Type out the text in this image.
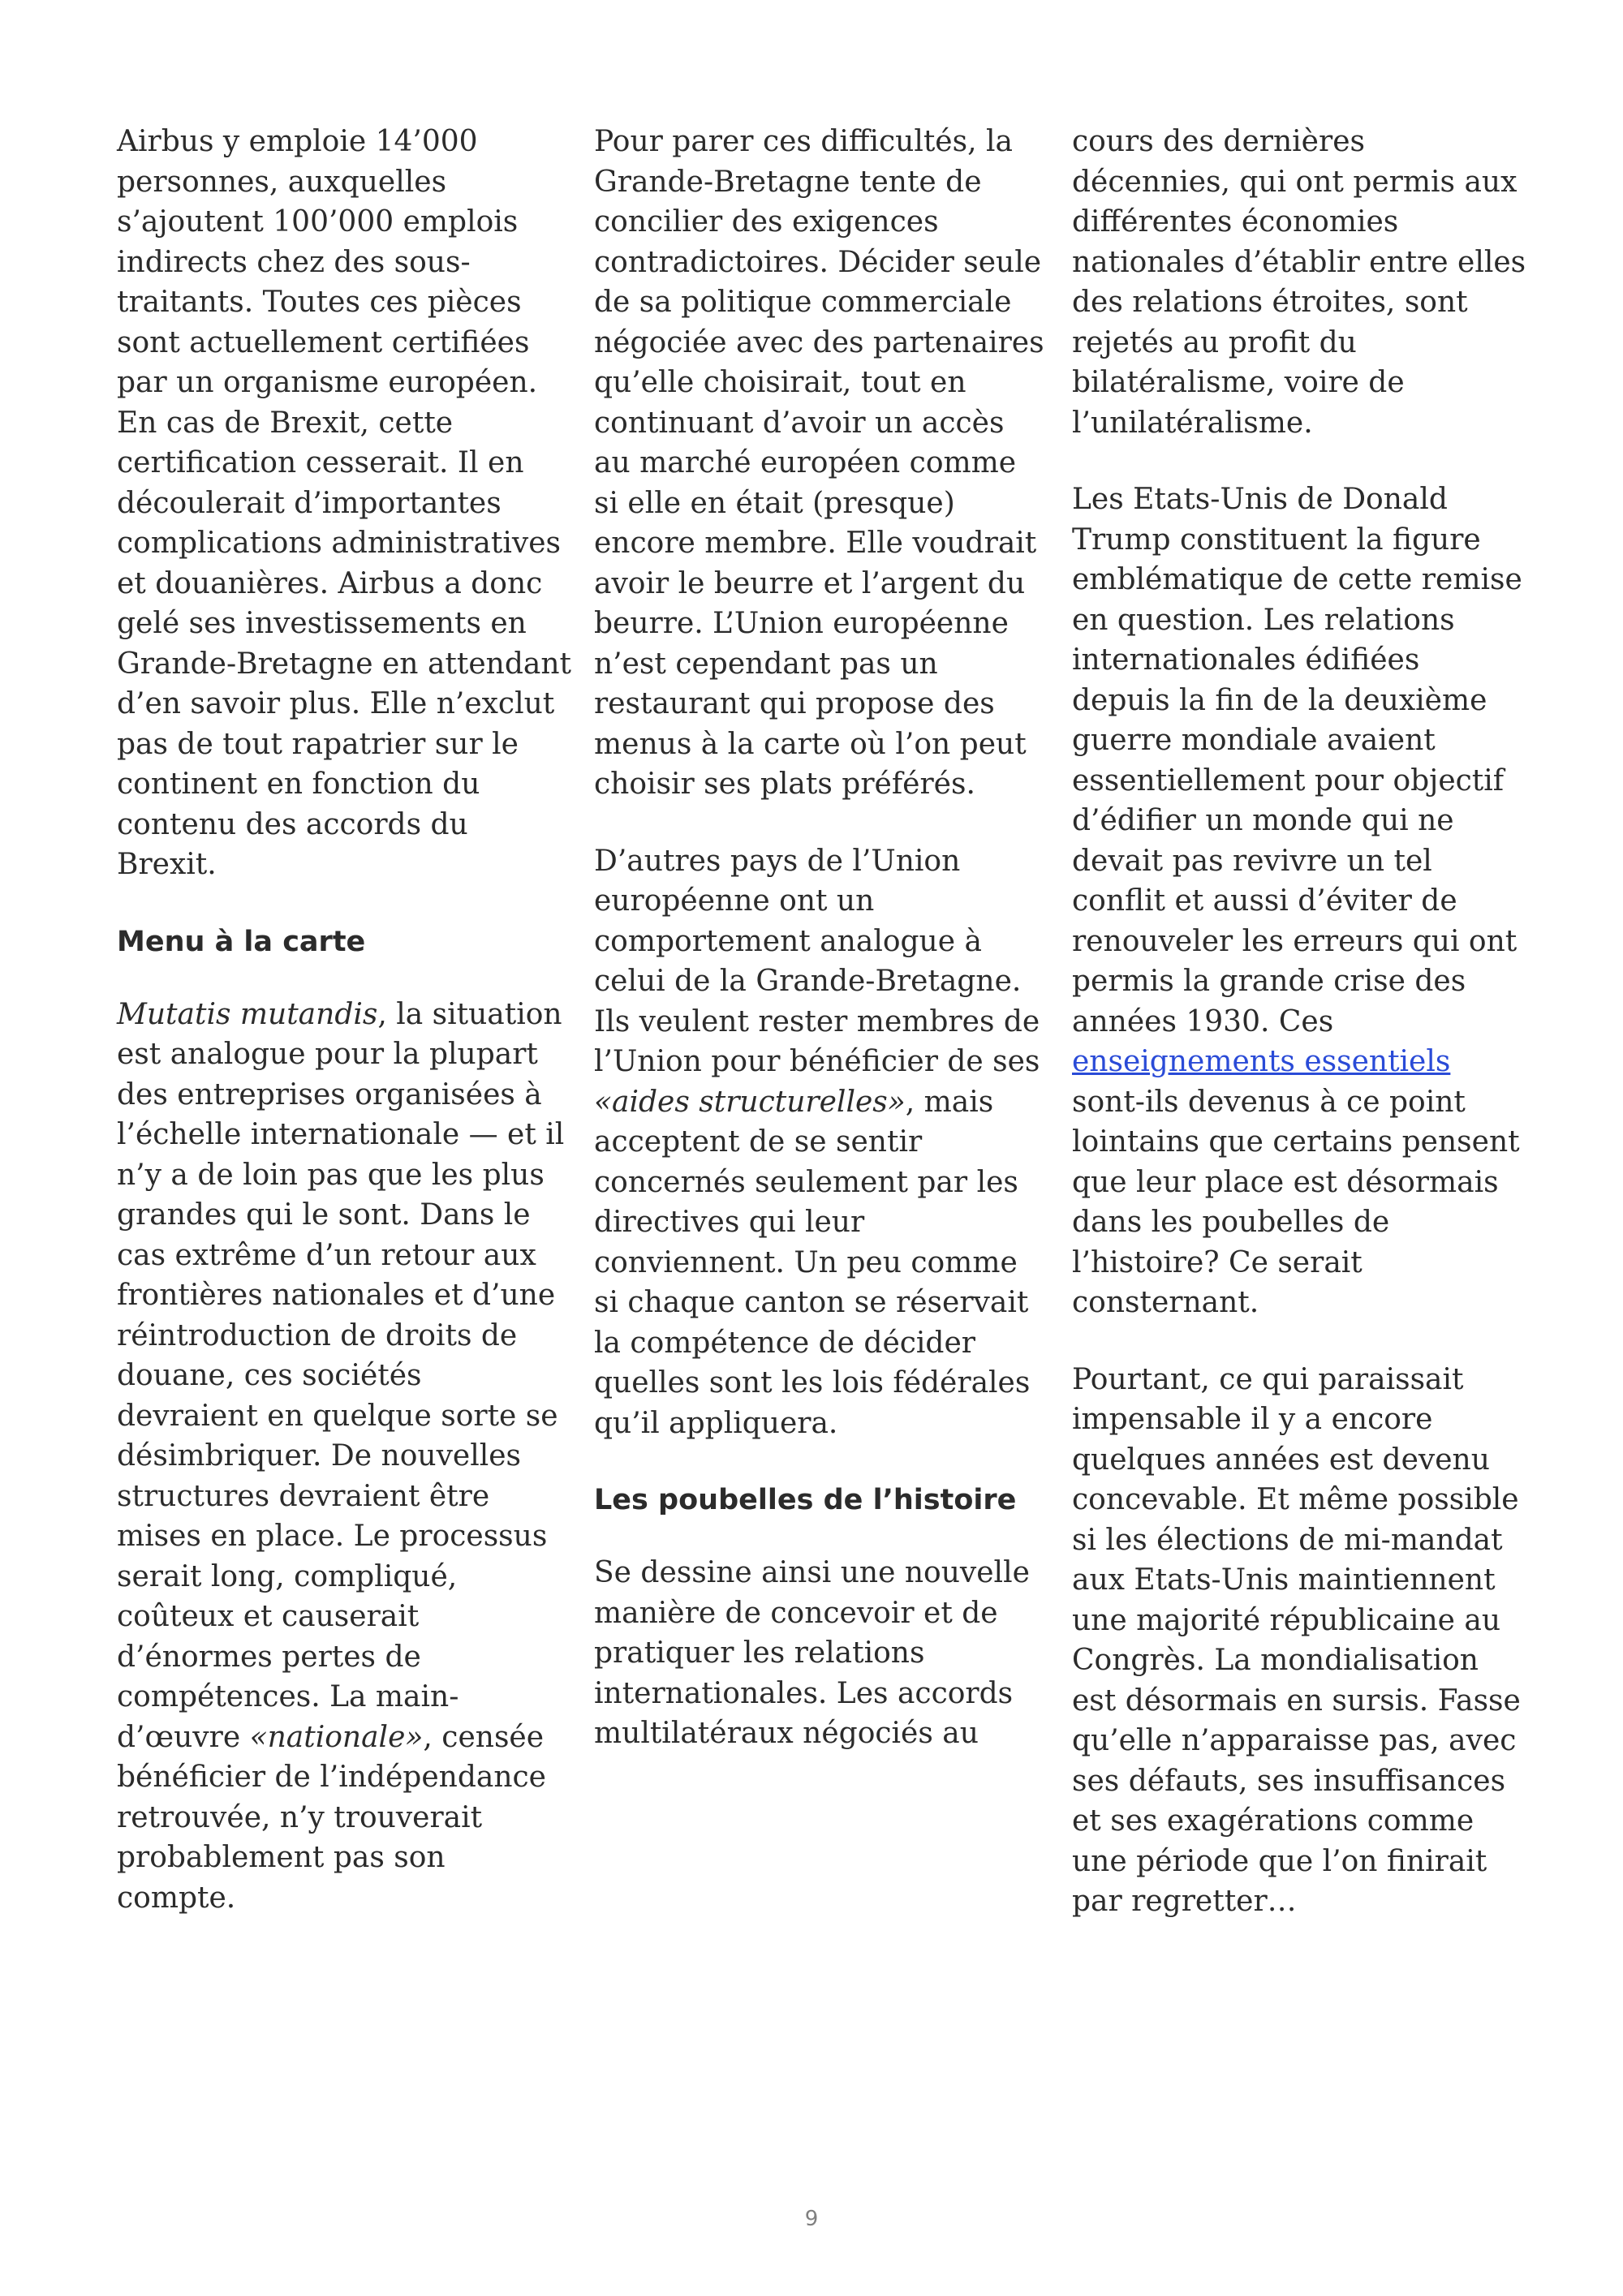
Airbus y emploie 14’000 personnes, auxquelles s’ajoutent 100’000 emplois indirects chez des sous-traitants. Toutes ces pièces sont actuellement certifiées par un organisme européen. En cas de Brexit, cette certification cesserait. Il en découlerait d’importantes complications administratives et douanières. Airbus a donc gelé ses investissements en Grande-Bretagne en attendant d’en savoir plus. Elle n’exclut pas de tout rapatrier sur le continent en fonction du contenu des accords du Brexit.

Menu à la carte

Mutatis mutandis, la situation est analogue pour la plupart des entreprises organisées à l’échelle internationale — et il n’y a de loin pas que les plus grandes qui le sont. Dans le cas extrême d’un retour aux frontières nationales et d’une réintroduction de droits de douane, ces sociétés devraient en quelque sorte se désimbriquer. De nouvelles structures devraient être mises en place. Le processus serait long, compliqué, coûteux et causerait d’énormes pertes de compétences. La main-d’œuvre «nationale», censée bénéficier de l’indépendance retrouvée, n’y trouverait probablement pas son compte.

Pour parer ces difficultés, la Grande-Bretagne tente de concilier des exigences contradictoires. Décider seule de sa politique commerciale négociée avec des partenaires qu’elle choisirait, tout en continuant d’avoir un accès au marché européen comme si elle en était (presque) encore membre. Elle voudrait avoir le beurre et l’argent du beurre. L’Union européenne n’est cependant pas un restaurant qui propose des menus à la carte où l’on peut choisir ses plats préférés.

D’autres pays de l’Union européenne ont un comportement analogue à celui de la Grande-Bretagne. Ils veulent rester membres de l’Union pour bénéficier de ses «aides structurelles», mais acceptent de se sentir concernés seulement par les directives qui leur conviennent. Un peu comme si chaque canton se réservait la compétence de décider quelles sont les lois fédérales qu’il appliquera.

Les poubelles de l’histoire

Se dessine ainsi une nouvelle manière de concevoir et de pratiquer les relations internationales. Les accords multilatéraux négociés au

cours des dernières décennies, qui ont permis aux différentes économies nationales d’établir entre elles des relations étroites, sont rejetés au profit du bilatéralisme, voire de l’unilatéralisme.

Les Etats-Unis de Donald Trump constituent la figure emblématique de cette remise en question. Les relations internationales édifiées depuis la fin de la deuxième guerre mondiale avaient essentiellement pour objectif d’édifier un monde qui ne devait pas revivre un tel conflit et aussi d’éviter de renouveler les erreurs qui ont permis la grande crise des années 1930. Ces enseignements essentiels sont-ils devenus à ce point lointains que certains pensent que leur place est désormais dans les poubelles de l’histoire? Ce serait consternant.

Pourtant, ce qui paraissait impensable il y a encore quelques années est devenu concevable. Et même possible si les élections de mi-mandat aux Etats-Unis maintiennent une majorité républicaine au Congrès. La mondialisation est désormais en sursis. Fasse qu’elle n’apparaisse pas, avec ses défauts, ses insuffisances et ses exagérations comme une période que l’on finirait par regretter…

9
